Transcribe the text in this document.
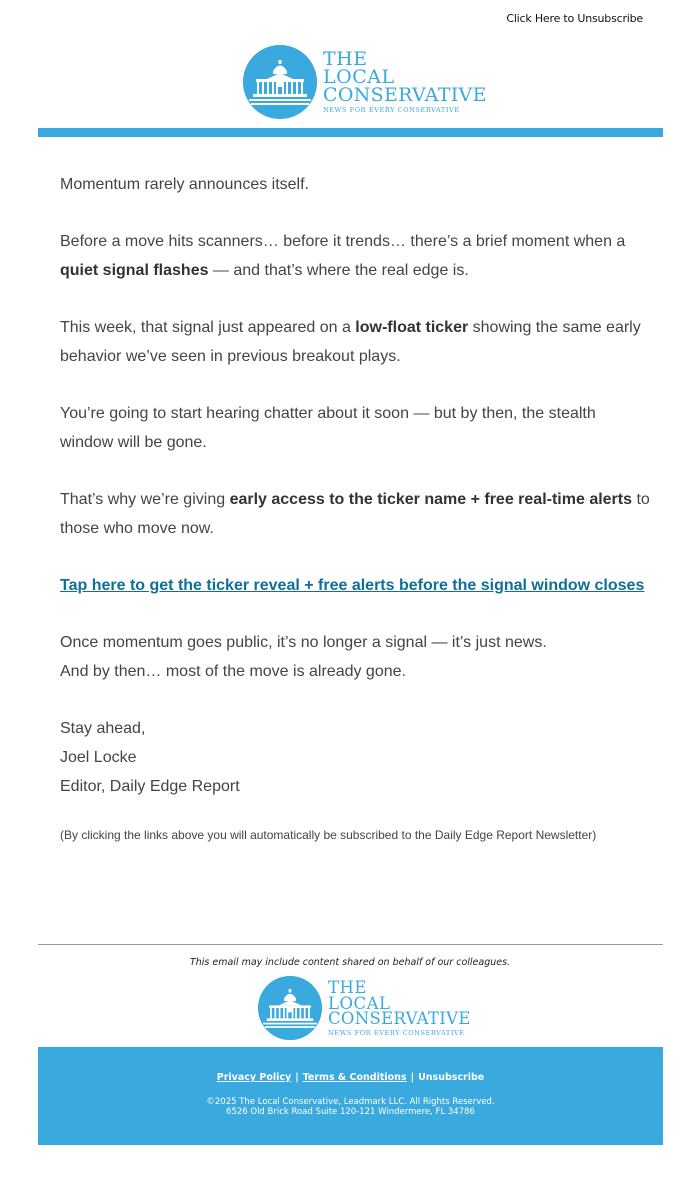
Click Here to Unsubscribe
THE
LOCAL
CONSERVATIVE
NEWS FOR EVERY CONSERVATIVE

Momentum rarely announces itself.

Before a move hits scanners… before it trends… there’s a brief moment when a quiet signal flashes — and that’s where the real edge is.

This week, that signal just appeared on a low-float ticker showing the same early behavior we’ve seen in previous breakout plays.

You’re going to start hearing chatter about it soon — but by then, the stealth window will be gone.

That’s why we’re giving early access to the ticker name + free real-time alerts to those who move now.

Tap here to get the ticker reveal + free alerts before the signal window closes

Once momentum goes public, it’s no longer a signal — it’s just news.
And by then… most of the move is already gone.

Stay ahead,
Joel Locke
Editor, Daily Edge Report

(By clicking the links above you will automatically be subscribed to the Daily Edge Report Newsletter)

This email may include content shared on behalf of our colleagues.
THE
LOCAL
CONSERVATIVE
NEWS FOR EVERY CONSERVATIVE
Privacy Policy | Terms & Conditions | Unsubscribe
©2025 The Local Conservative, Leadmark LLC. All Rights Reserved.
6526 Old Brick Road Suite 120-121 Windermere, FL 34786
